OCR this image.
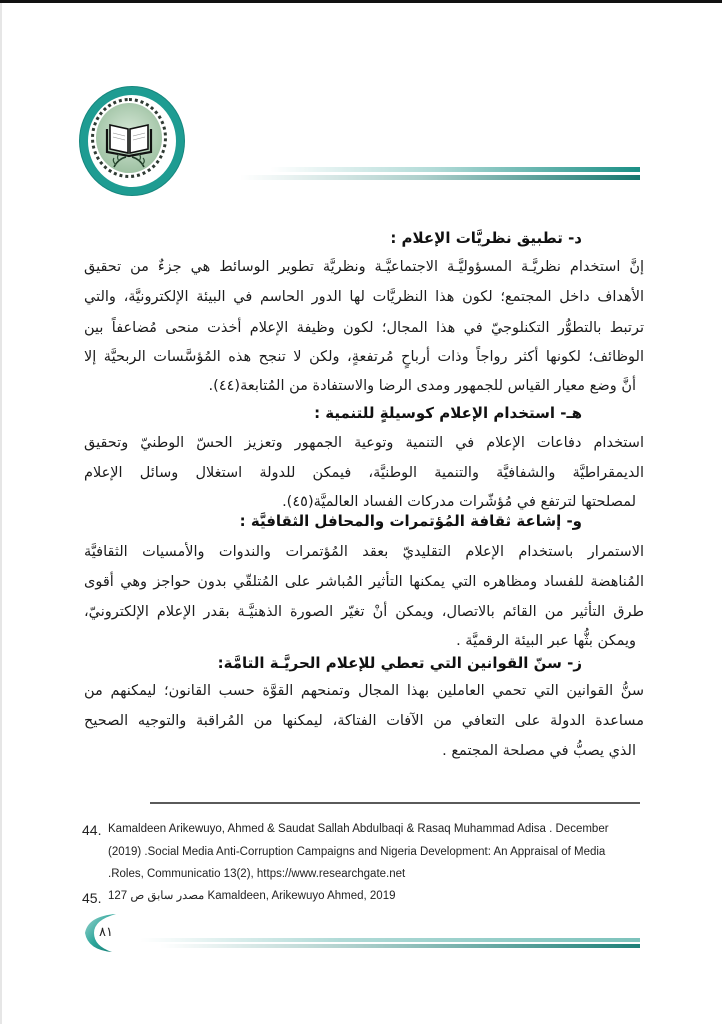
د- تطبيق نظريَّات الإعلام :
إنَّ استخدام نظريَّـة المسؤوليَّـة الاجتماعيَّـة ونظريَّة تطوير الوسائط هي جزءٌ من تحقيق
الأهداف داخل المجتمع؛ لكون هذا النظريَّات لها الدور الحاسم في البيئة الإلكترونيَّة، والتي
ترتبط بالتطوُّر التكنلوجيّ في هذا المجال؛ لكون وظيفة الإعلام أخذت منحى مُضاعفاً بين
الوظائف؛ لكونها أكثر رواجاً وذات أرباحٍ مُرتفعةٍ، ولكن لا تنجح هذه المُؤسَّسات الربحيَّة إلا
أنَّ وضع معيار القياس للجمهور ومدى الرضا والاستفادة من المُتابعة(٤٤).
هـ- استخدام الإعلام كوسيلةٍ للتنمية :
استخدام دفاعات الإعلام في التنمية وتوعية الجمهور وتعزيز الحسّ الوطنيّ وتحقيق
الديمقراطيَّة والشفافيَّة والتنمية الوطنيَّة، فيمكن للدولة استغلال وسائل الإعلام
لمصلحتها لترتفع في مُؤشّرات مدركات الفساد العالميَّة(٤٥).
و- إشاعة ثقافة المُؤتمرات والمحافل الثقافيَّة :
الاستمرار باستخدام الإعلام التقليديّ بعقد المُؤتمرات والندوات والأمسيات الثقافيَّة
المُناهضة للفساد ومظاهره التي يمكنها التأثير المُباشر على المُتلقّي بدون حواجز وهي أقوى
طرق التأثير من القائم بالاتصال، ويمكن أنْ تغيّر الصورة الذهنيَّـة بقدر الإعلام الإلكترونيّ،
ويمكن بثُّها عبر البيئة الرقميَّة .
ز- سنّ القوانين التي تعطي للإعلام الحريَّـة التامَّة:
سنُّ القوانين التي تحمي العاملين بهذا المجال وتمنحهم القوَّة حسب القانون؛ ليمكنهم من
مساعدة الدولة على التعافي من الآفات الفتاكة، ليمكنها من المُراقبة والتوجيه الصحيح
الذي يصبُّ في مصلحة المجتمع .
44. Kamaldeen Arikewuyo, Ahmed & Saudat Sallah Abdulbaqi & Rasaq Muhammad Adisa . December
(2019) .Social Media Anti-Corruption Campaigns and Nigeria Development: An Appraisal of Media
.Roles, Communicatio 13(2), https://www.researchgate.net
45. 127 مصدر سابق ص Kamaldeen, Arikewuyo Ahmed, 2019
٨١
